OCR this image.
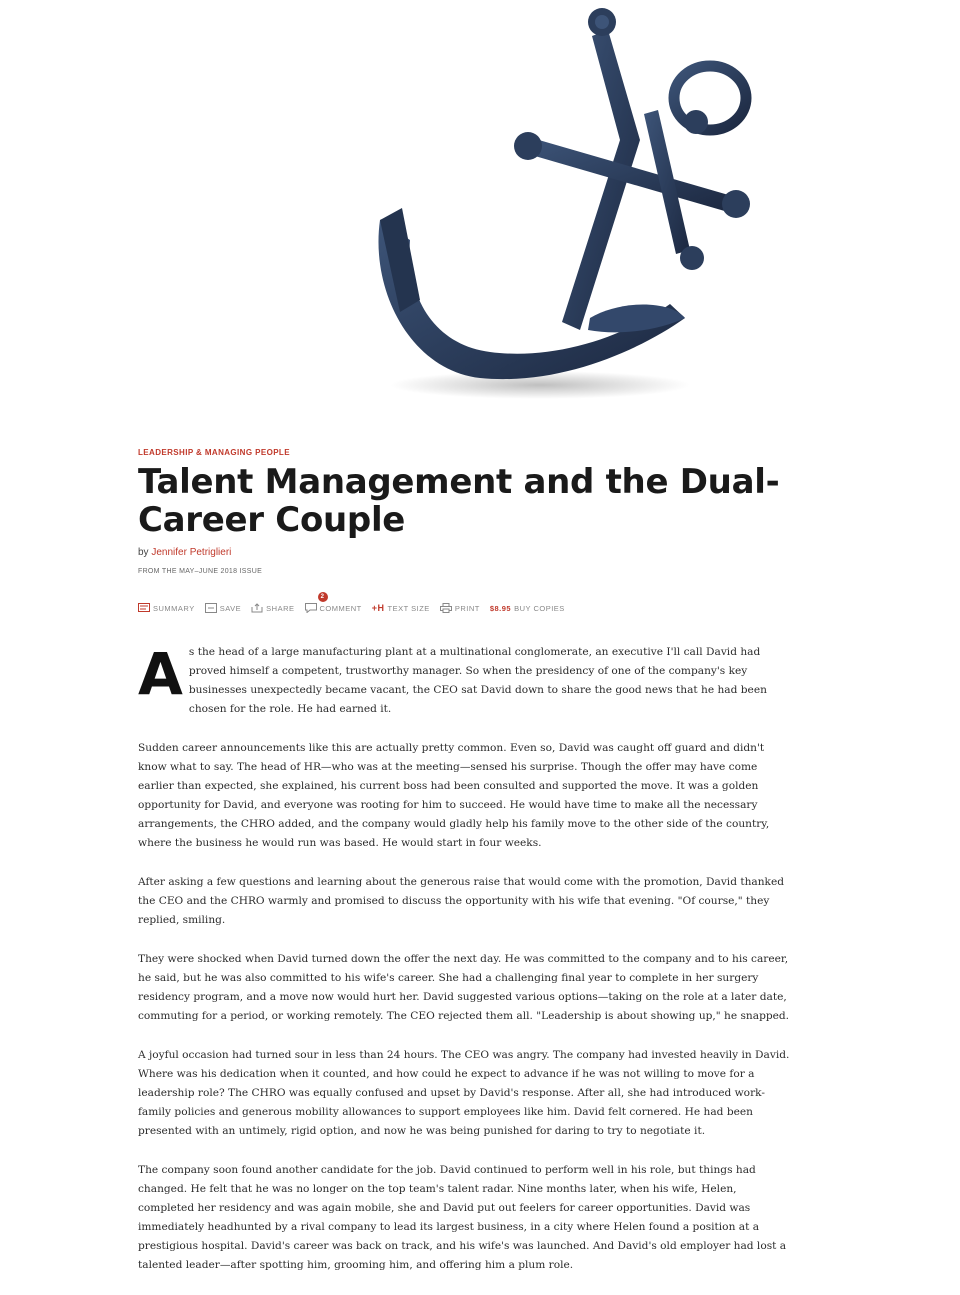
LEADERSHIP & MANAGING PEOPLE
Talent Management and the Dual-Career Couple
by Jennifer Petriglieri
FROM THE MAY–JUNE 2018 ISSUE
SUMMARY	SAVE	SHARE
2
COMMENT +H TEXT SIZE	PRINT $8.95 BUY COPIES

As the head of a large manufacturing plant at a multinational conglomerate, an executive I'll call David had proved himself a competent, trustworthy manager. So when the presidency of one of the company's key businesses unexpectedly became vacant, the CEO sat David down to share the good news that he had been chosen for the role. He had earned it.

Sudden career announcements like this are actually pretty common. Even so, David was caught off guard and didn't know what to say. The head of HR—who was at the meeting—sensed his surprise. Though the offer may have come earlier than expected, she explained, his current boss had been consulted and supported the move. It was a golden opportunity for David, and everyone was rooting for him to succeed. He would have time to make all the necessary arrangements, the CHRO added, and the company would gladly help his family move to the other side of the country, where the business he would run was based. He would start in four weeks.

After asking a few questions and learning about the generous raise that would come with the promotion, David thanked the CEO and the CHRO warmly and promised to discuss the opportunity with his wife that evening. "Of course," they replied, smiling.

They were shocked when David turned down the offer the next day. He was committed to the company and to his career, he said, but he was also committed to his wife's career. She had a challenging final year to complete in her surgery residency program, and a move now would hurt her. David suggested various options—taking on the role at a later date, commuting for a period, or working remotely. The CEO rejected them all. "Leadership is about showing up," he snapped.

A joyful occasion had turned sour in less than 24 hours. The CEO was angry. The company had invested heavily in David. Where was his dedication when it counted, and how could he expect to advance if he was not willing to move for a leadership role? The CHRO was equally confused and upset by David's response. After all, she had introduced work-family policies and generous mobility allowances to support employees like him. David felt cornered. He had been presented with an untimely, rigid option, and now he was being punished for daring to try to negotiate it.

The company soon found another candidate for the job. David continued to perform well in his role, but things had changed. He felt that he was no longer on the top team's talent radar. Nine months later, when his wife, Helen, completed her residency and was again mobile, she and David put out feelers for career opportunities. David was immediately headhunted by a rival company to lead its largest business, in a city where Helen found a position at a prestigious hospital. David's career was back on track, and his wife's was launched. And David's old employer had lost a talented leader—after spotting him, grooming him, and offering him a plum role.
